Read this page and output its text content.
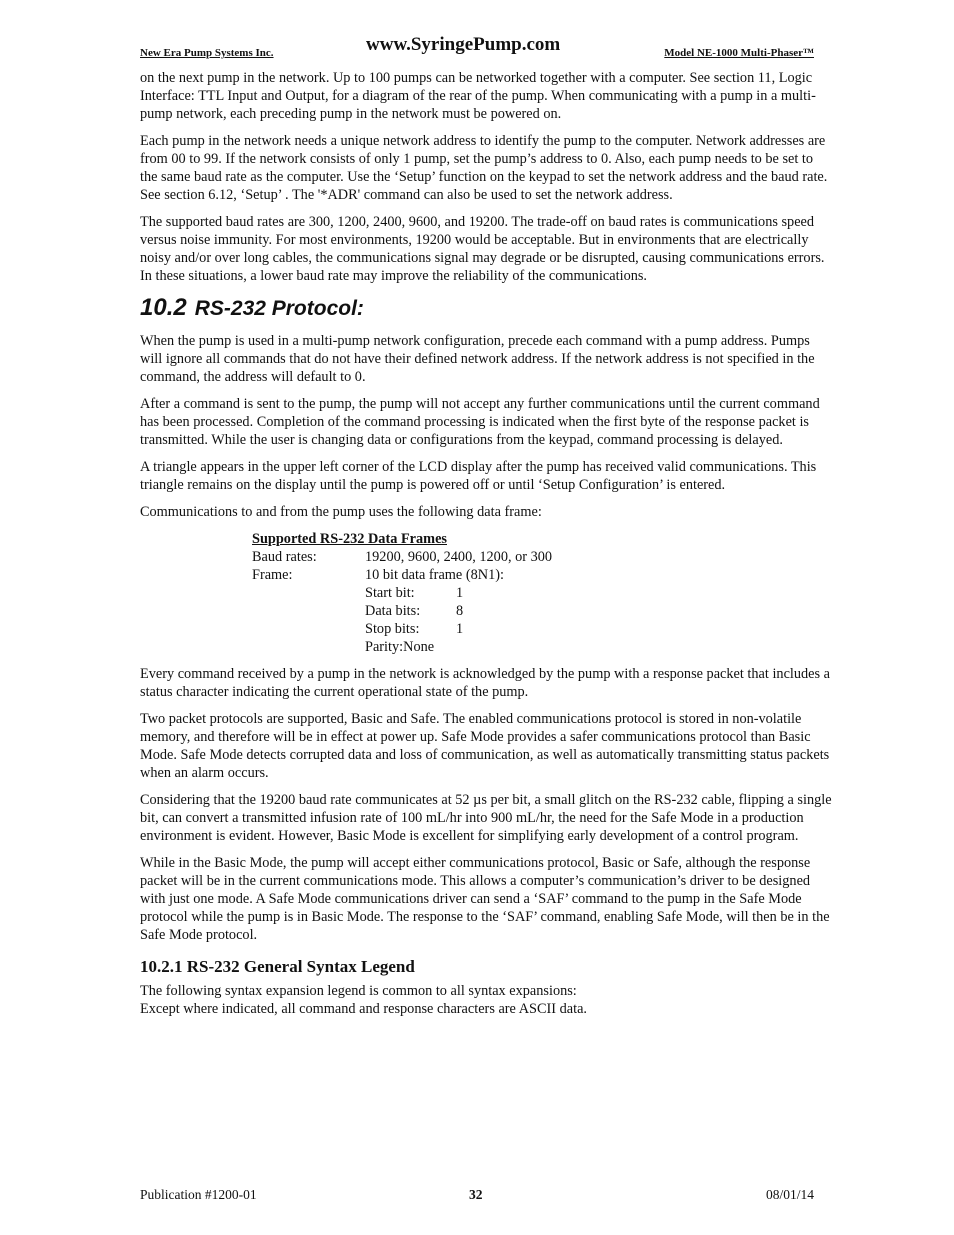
New Era Pump Systems Inc.	www.SyringePump.com	Model NE-1000 Multi-Phaser™

on the next pump in the network. Up to 100 pumps can be networked together with a computer. See section 11, Logic Interface: TTL Input and Output, for a diagram of the rear of the pump. When communicating with a pump in a multi-pump network, each preceding pump in the network must be powered on.

Each pump in the network needs a unique network address to identify the pump to the computer. Network addresses are from 00 to 99. If the network consists of only 1 pump, set the pump’s address to 0. Also, each pump needs to be set to the same baud rate as the computer. Use the ‘Setup’ function on the keypad to set the network address and the baud rate. See section 6.12, ‘Setup’ . The '*ADR' command can also be used to set the network address.

The supported baud rates are 300, 1200, 2400, 9600, and 19200. The trade-off on baud rates is communications speed versus noise immunity. For most environments, 19200 would be acceptable. But in environments that are electrically noisy and/or over long cables, the communications signal may degrade or be disrupted, causing communications errors. In these situations, a lower baud rate may improve the reliability of the communications.

10.2 RS-232 Protocol:

When the pump is used in a multi-pump network configuration, precede each command with a pump address. Pumps will ignore all commands that do not have their defined network address. If the network address is not specified in the command, the address will default to 0.

After a command is sent to the pump, the pump will not accept any further communications until the current command has been processed. Completion of the command processing is indicated when the first byte of the response packet is transmitted. While the user is changing data or configurations from the keypad, command processing is delayed.

A triangle appears in the upper left corner of the LCD display after the pump has received valid communications. This triangle remains on the display until the pump is powered off or until ‘Setup Configuration’ is entered.

Communications to and from the pump uses the following data frame:

Supported RS-232 Data Frames
Baud rates:	19200, 9600, 2400, 1200, or 300
Frame:	10 bit data frame (8N1):
Start bit:	1
Data bits:	8
Stop bits:	1
Parity:None

Every command received by a pump in the network is acknowledged by the pump with a response packet that includes a status character indicating the current operational state of the pump.

Two packet protocols are supported, Basic and Safe. The enabled communications protocol is stored in non-volatile memory, and therefore will be in effect at power up. Safe Mode provides a safer communications protocol than Basic Mode. Safe Mode detects corrupted data and loss of communication, as well as automatically transmitting status packets when an alarm occurs.

Considering that the 19200 baud rate communicates at 52 µs per bit, a small glitch on the RS-232 cable, flipping a single bit, can convert a transmitted infusion rate of 100 mL/hr into 900 mL/hr, the need for the Safe Mode in a production environment is evident. However, Basic Mode is excellent for simplifying early development of a control program.

While in the Basic Mode, the pump will accept either communications protocol, Basic or Safe, although the response packet will be in the current communications mode. This allows a computer’s communication’s driver to be designed with just one mode. A Safe Mode communications driver can send a ‘SAF’ command to the pump in the Safe Mode protocol while the pump is in Basic Mode. The response to the ‘SAF’ command, enabling Safe Mode, will then be in the Safe Mode protocol.

10.2.1 RS-232 General Syntax Legend
The following syntax expansion legend is common to all syntax expansions:
Except where indicated, all command and response characters are ASCII data.
Publication #1200-01	32	08/01/14
